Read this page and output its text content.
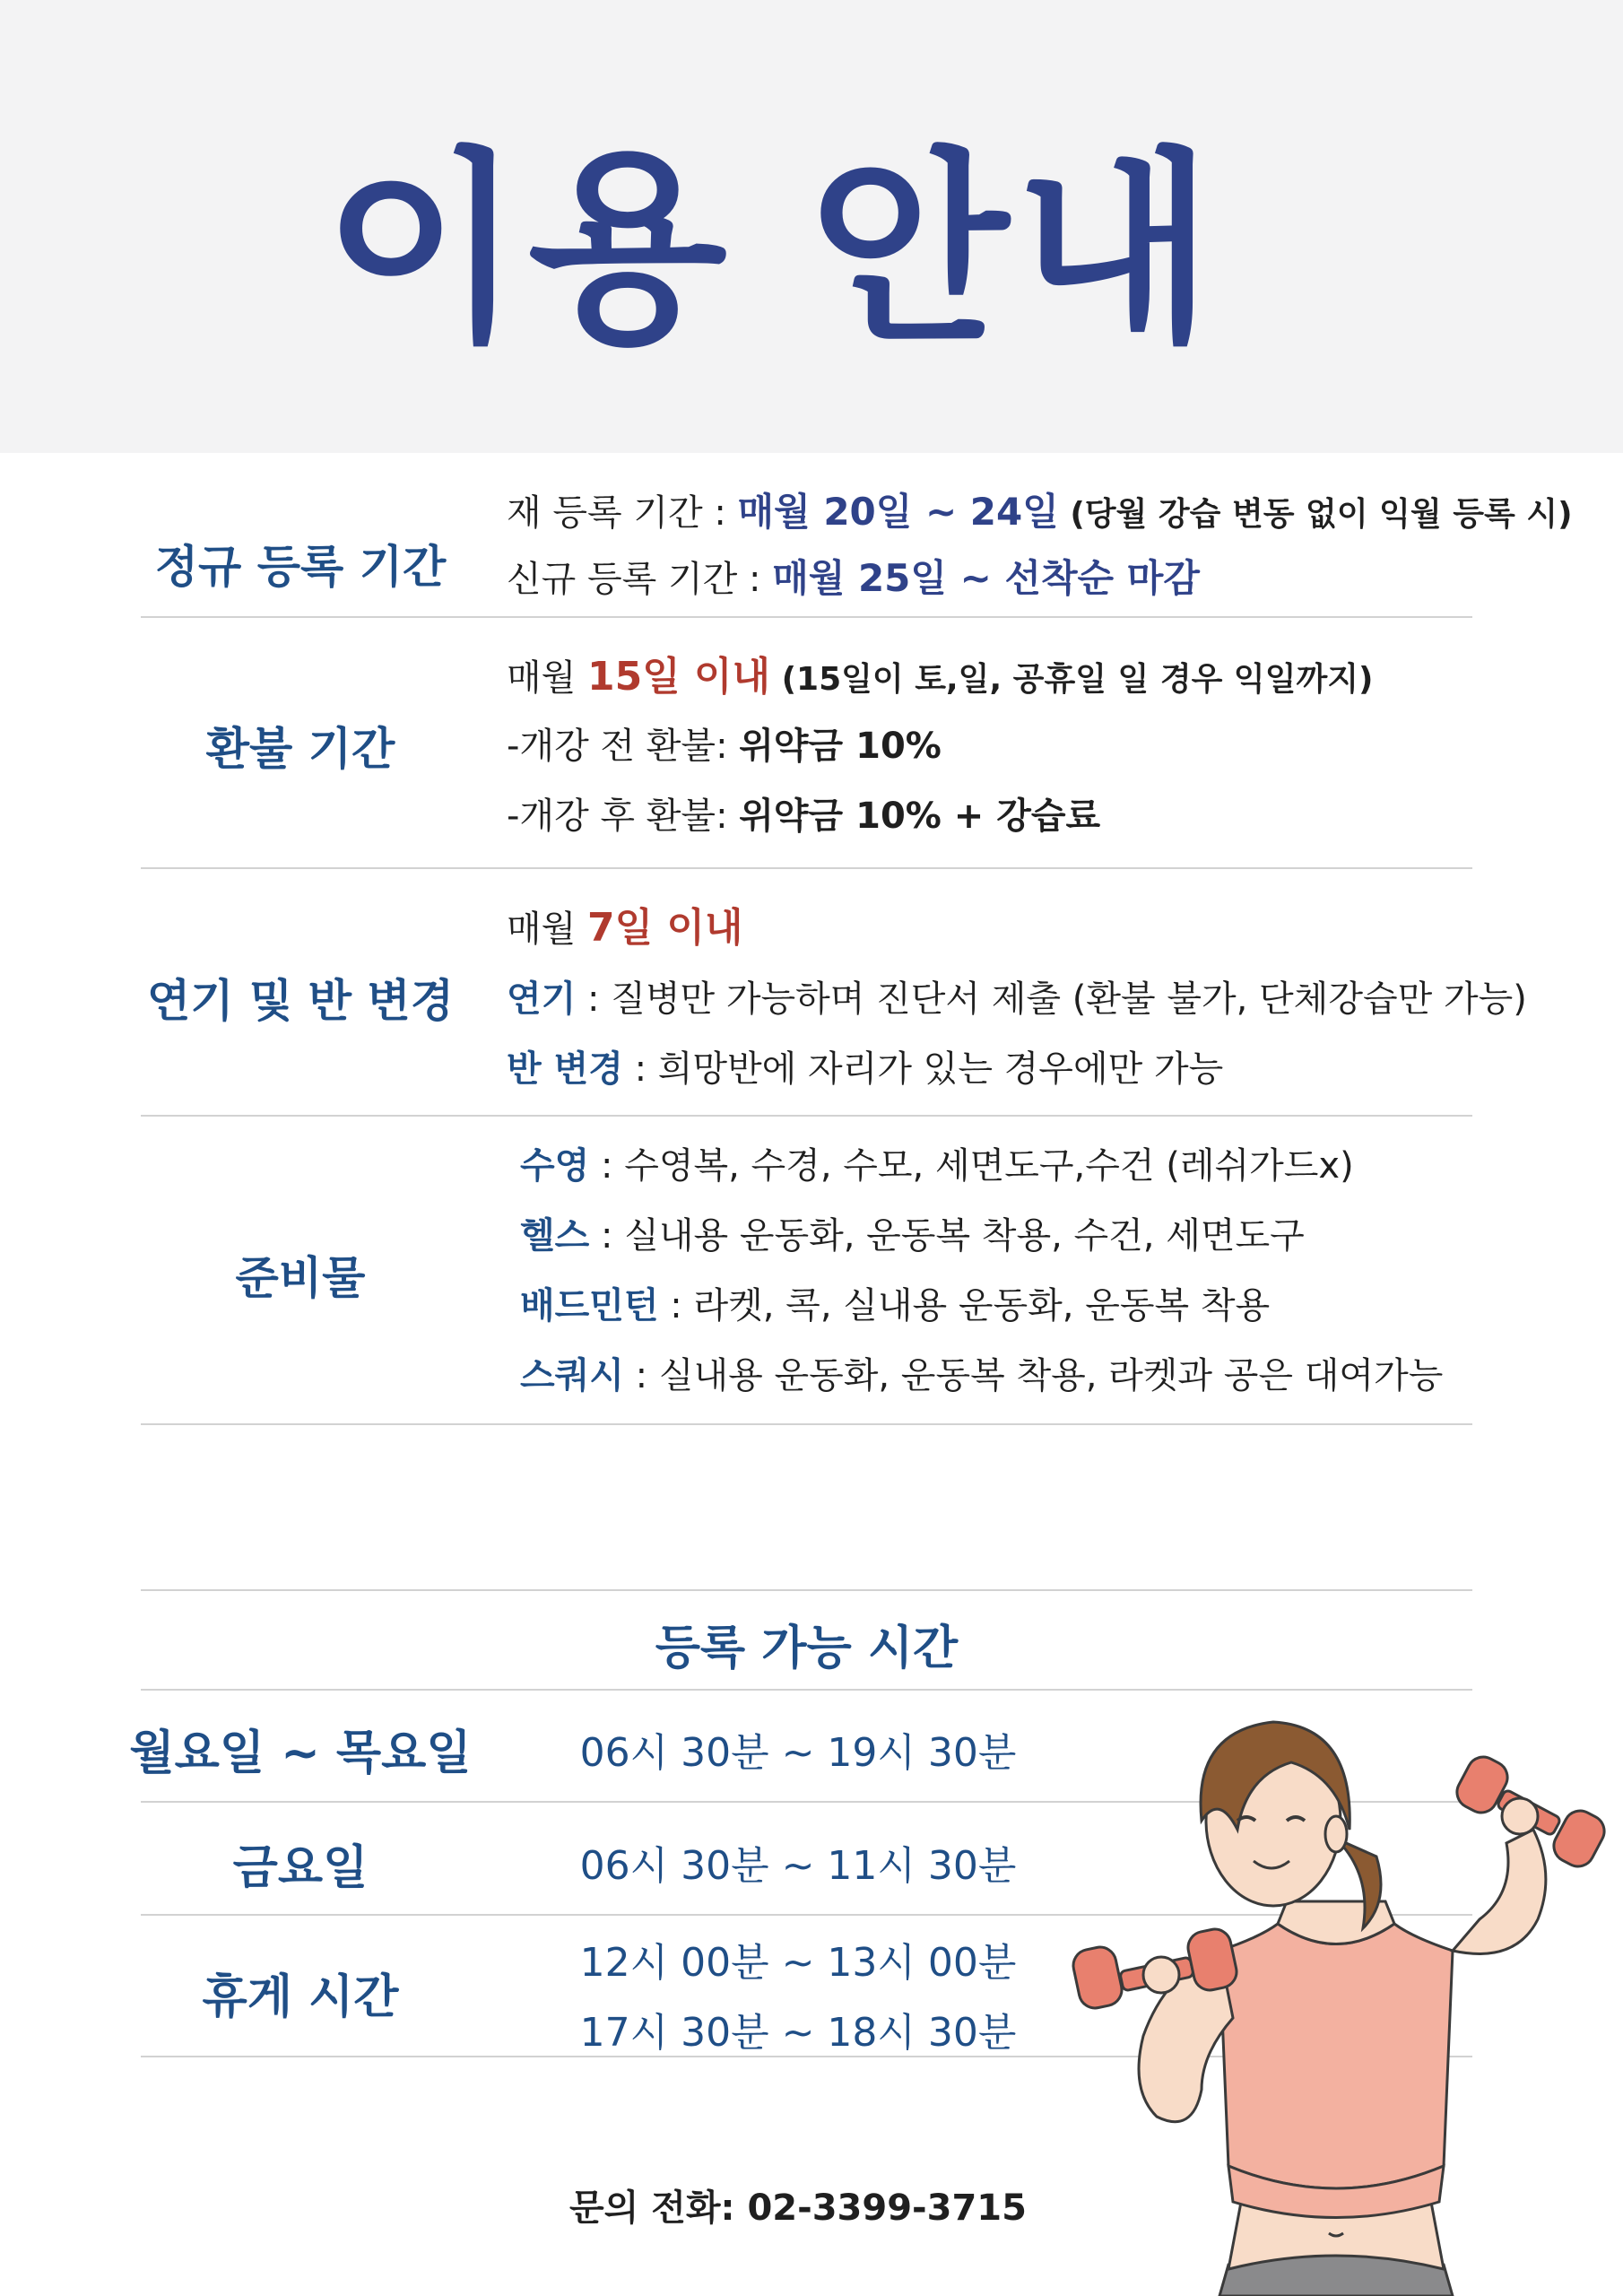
이용 안내
정규 등록 기간
재 등록 기간 : 매월 20일 ~ 24일 (당월 강습 변동 없이 익월 등록 시)
신규 등록 기간 : 매월 25일 ~ 선착순 마감
환불 기간
매월 15일 이내 (15일이 토,일, 공휴일 일 경우 익일까지)
-개강 전 환불: 위약금 10%
-개강 후 환불: 위약금 10% + 강습료
연기 및 반 변경
매월 7일 이내
연기 : 질병만 가능하며 진단서 제출 (환불 불가, 단체강습만 가능)
반 변경 : 희망반에 자리가 있는 경우에만 가능
준비물
수영 : 수영복, 수경, 수모, 세면도구,수건 (레쉬가드x)
헬스 : 실내용 운동화, 운동복 착용, 수건, 세면도구
배드민턴 : 라켓, 콕, 실내용 운동화, 운동복 착용
스쿼시 : 실내용 운동화, 운동복 착용, 라켓과 공은 대여가능
등록 가능 시간
월요일 ~ 목요일	06시 30분 ~ 19시 30분
금요일	06시 30분 ~ 11시 30분
휴게 시간
12시 00분 ~ 13시 00분
17시 30분 ~ 18시 30분
문의 전화: 02-3399-3715
